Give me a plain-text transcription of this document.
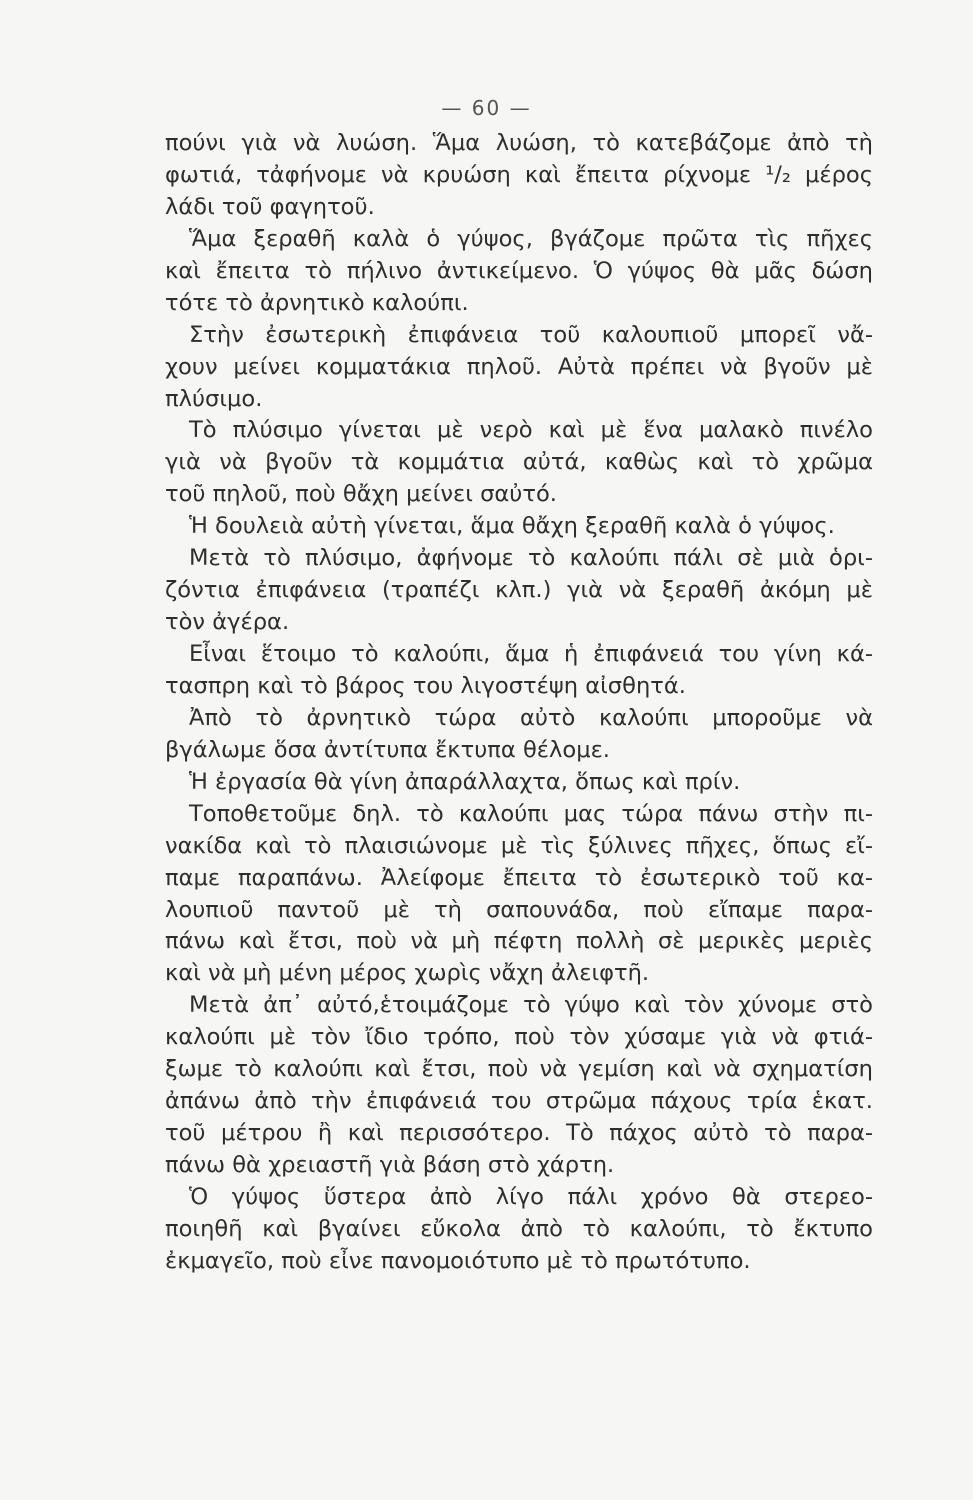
— 60 —
πούνι γιὰ νὰ λυώση. Ἅμα λυώση, τὸ κατεβάζομε ἀπὸ τὴ
φωτιά, τἀφήνομε νὰ κρυώση καὶ ἔπειτα ρίχνομε ¹/₂ μέρος
λάδι τοῦ φαγητοῦ.
Ἅμα ξεραθῆ καλὰ ὁ γύψος, βγάζομε πρῶτα τὶς πῆχες
καὶ ἔπειτα τὸ πήλινο ἀντικείμενο. Ὁ γύψος θὰ μᾶς δώση
τότε τὸ ἀρνητικὸ καλούπι.
Στὴν ἐσωτερικὴ ἐπιφάνεια τοῦ καλουπιοῦ μπορεῖ νἄ-
χουν μείνει κομματάκια πηλοῦ. Αὐτὰ πρέπει νὰ βγοῦν μὲ
πλύσιμο.
Τὸ πλύσιμο γίνεται μὲ νερὸ καὶ μὲ ἕνα μαλακὸ πινέλο
γιὰ νὰ βγοῦν τὰ κομμάτια αὐτά, καθὼς καὶ τὸ χρῶμα
τοῦ πηλοῦ, ποὺ θἄχη μείνει σαὐτό.
Ἡ δουλειὰ αὐτὴ γίνεται, ἅμα θἄχη ξεραθῆ καλὰ ὁ γύψος.
Μετὰ τὸ πλύσιμο, ἀφήνομε τὸ καλούπι πάλι σὲ μιὰ ὁρι-
ζόντια ἐπιφάνεια (τραπέζι κλπ.) γιὰ νὰ ξεραθῆ ἀκόμη μὲ
τὸν ἀγέρα.
Εἶναι ἕτοιμο τὸ καλούπι, ἅμα ἡ ἐπιφάνειά του γίνη κά-
τασπρη καὶ τὸ βάρος του λιγοστέψη αἰσθητά.
Ἀπὸ τὸ ἀρνητικὸ τώρα αὐτὸ καλούπι μποροῦμε νὰ
βγάλωμε ὅσα ἀντίτυπα ἔκτυπα θέλομε.
Ἡ ἐργασία θὰ γίνη ἀπαράλλαχτα, ὅπως καὶ πρίν.
Τοποθετοῦμε δηλ. τὸ καλούπι μας τώρα πάνω στὴν πι-
νακίδα καὶ τὸ πλαισιώνομε μὲ τὶς ξύλινες πῆχες, ὅπως εἴ-
παμε παραπάνω. Ἀλείφομε ἔπειτα τὸ ἐσωτερικὸ τοῦ κα-
λουπιοῦ παντοῦ μὲ τὴ σαπουνάδα, ποὺ εἴπαμε παρα-
πάνω καὶ ἔτσι, ποὺ νὰ μὴ πέφτη πολλὴ σὲ μερικὲς μεριὲς
καὶ νὰ μὴ μένη μέρος χωρὶς νἄχη ἀλειφτῆ.
Μετὰ ἀπ᾿ αὐτό,ἑτοιμάζομε τὸ γύψο καὶ τὸν χύνομε στὸ
καλούπι μὲ τὸν ἴδιο τρόπο, ποὺ τὸν χύσαμε γιὰ νὰ φτιά-
ξωμε τὸ καλούπι καὶ ἔτσι, ποὺ νὰ γεμίση καὶ νὰ σχηματίση
ἀπάνω ἀπὸ τὴν ἐπιφάνειά του στρῶμα πάχους τρία ἑκατ.
τοῦ μέτρου ἢ καὶ περισσότερο. Τὸ πάχος αὐτὸ τὸ παρα-
πάνω θὰ χρειαστῆ γιὰ βάση στὸ χάρτη.
Ὁ γύψος ὕστερα ἀπὸ λίγο πάλι χρόνο θὰ στερεο-
ποιηθῆ καὶ βγαίνει εὔκολα ἀπὸ τὸ καλούπι, τὸ ἔκτυπο
ἐκμαγεῖο, ποὺ εἶνε πανομοιότυπο μὲ τὸ πρωτότυπο.
